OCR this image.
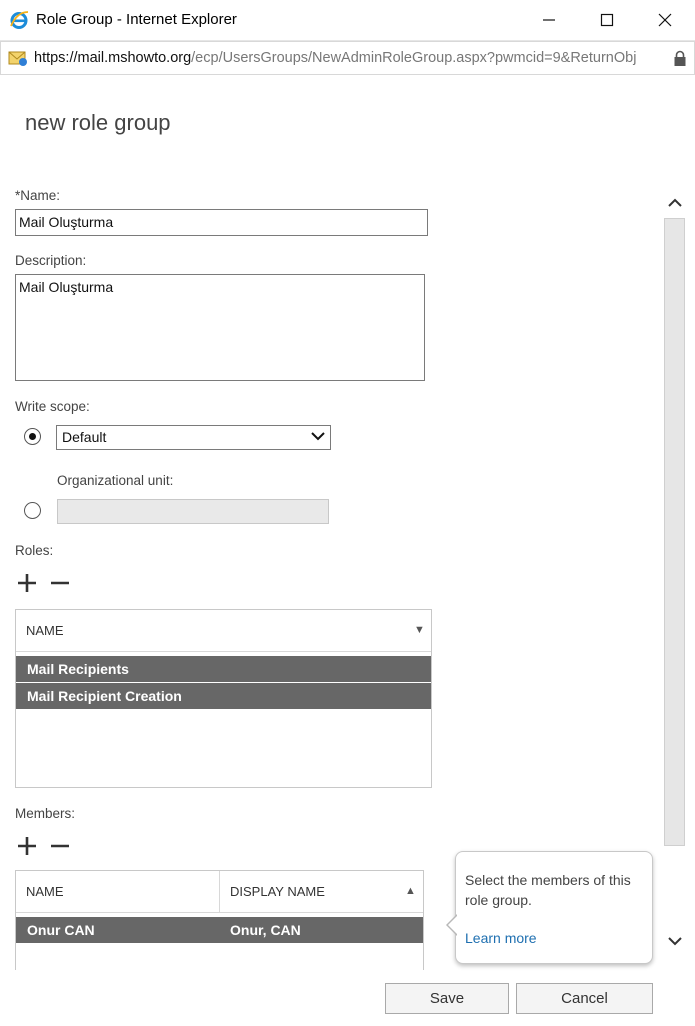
Role Group - Internet Explorer
https://mail.mshowto.org/ecp/UsersGroups/NewAdminRoleGroup.aspx?pwmcid=9&ReturnObj
new role group
*Name:
Mail Oluşturma
Description:
Mail Oluşturma
Write scope:
Default
Organizational unit:
Roles:
NAME	▼
Mail Recipients
Mail Recipient Creation
Members:
NAME	DISPLAY NAME	▲
Onur CAN	Onur, CAN
Select the members of this role group.
Learn more
Save	Cancel
